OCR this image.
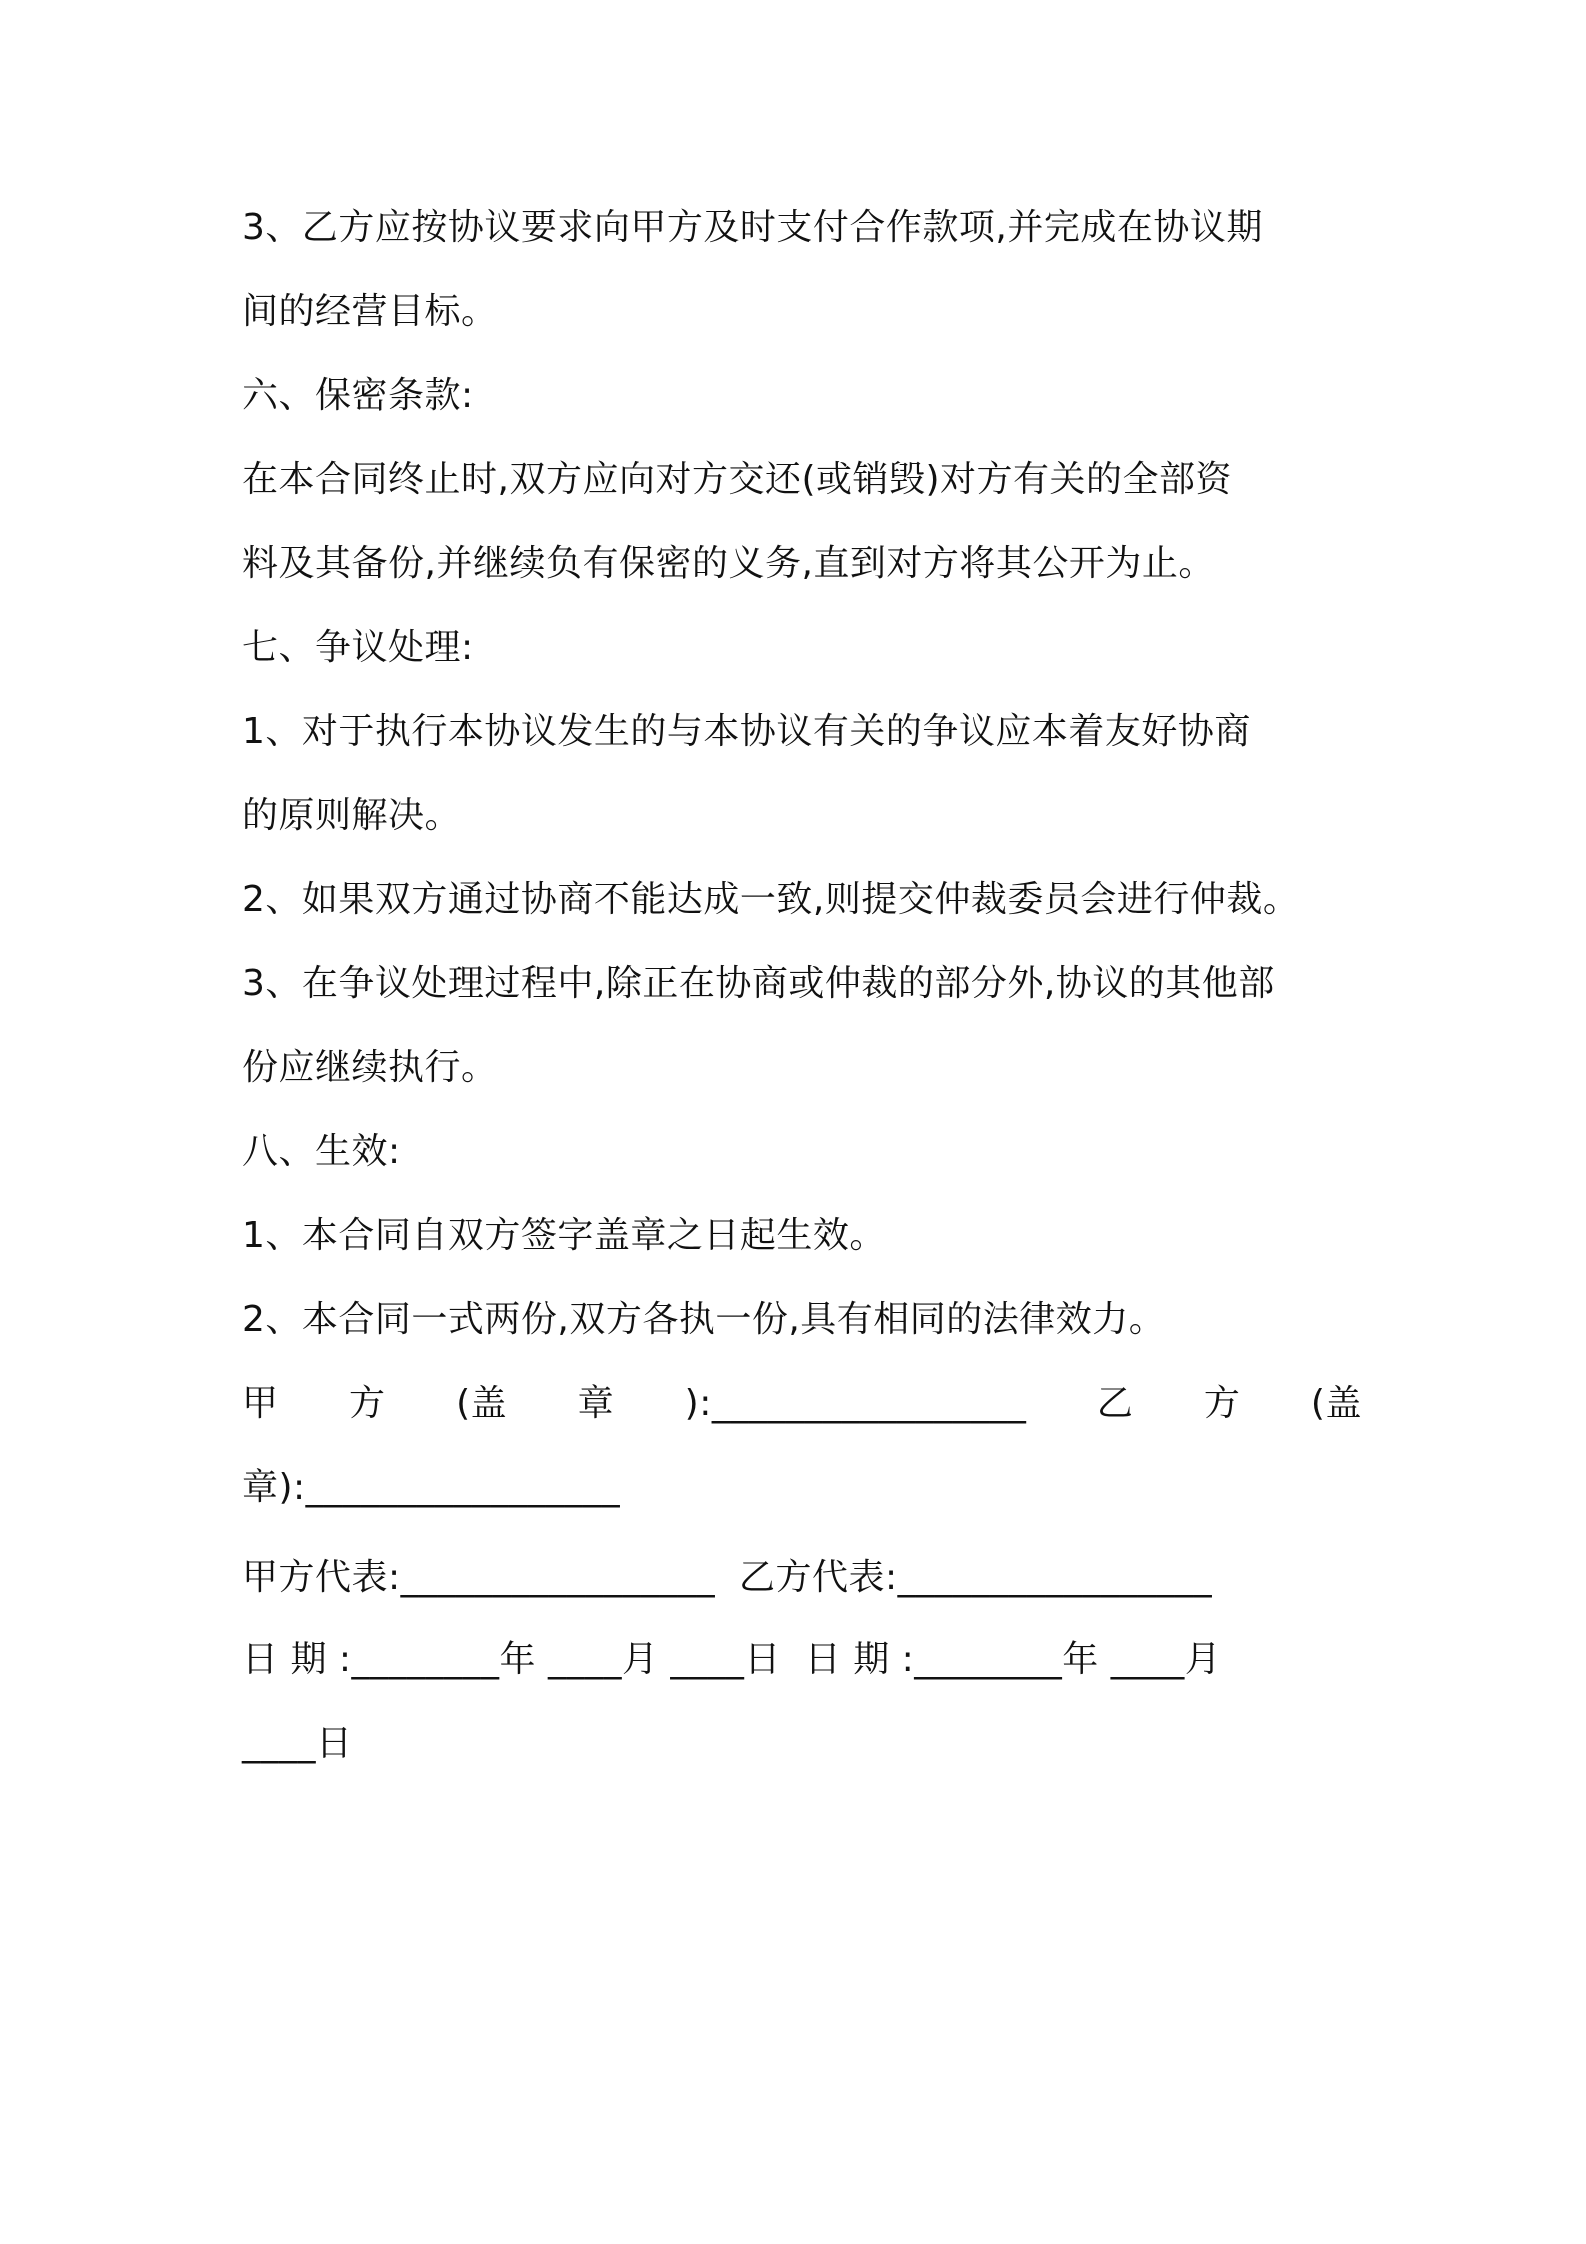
3、乙方应按协议要求向甲方及时支付合作款项,并完成在协议期
间的经营目标。
六、保密条款:
在本合同终止时,双方应向对方交还(或销毁)对方有关的全部资
料及其备份,并继续负有保密的义务,直到对方将其公开为止。
七、争议处理:
1、对于执行本协议发生的与本协议有关的争议应本着友好协商
的原则解决。
2、如果双方通过协商不能达成一致,则提交仲裁委员会进行仲裁。
3、在争议处理过程中,除正在协商或仲裁的部分外,协议的其他部
份应继续执行。
八、生效:
1、本合同自双方签字盖章之日起生效。
2、本合同一式两份,双方各执一份,具有相同的法律效力。
甲 方 (盖 章 ):_________________ 乙 方 (盖
章):_________________
甲方代表:_________________  乙方代表:_________________
日 期 :________年 ____月 ____日  日 期 :________年 ____月
____日
